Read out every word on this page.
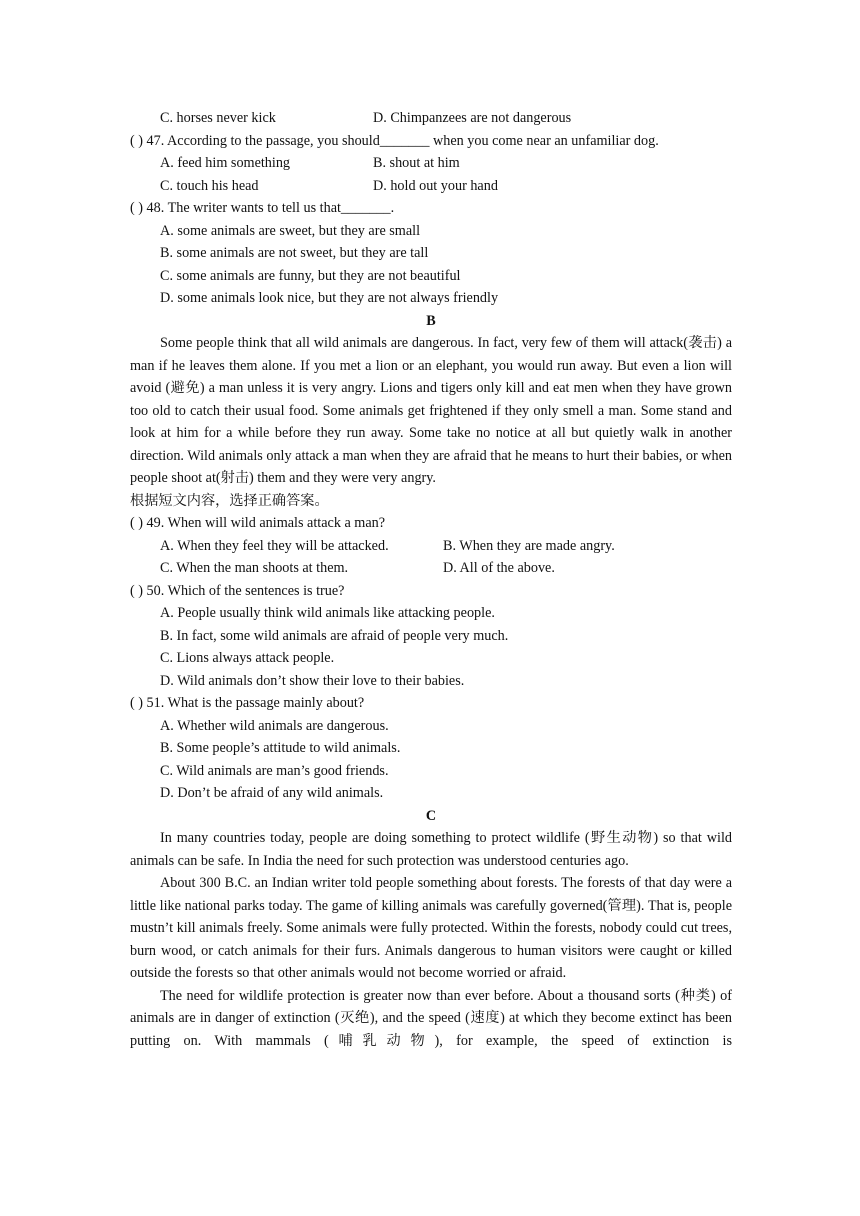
C. horses never kick	D. Chimpanzees are not dangerous
( ) 47. According to the passage, you should_______ when you come near an unfamiliar dog.
A. feed him something	B. shout at him
C. touch his head	D. hold out your hand
( ) 48. The writer wants to tell us that_______.
A. some animals are sweet, but they are small
B. some animals are not sweet, but they are tall
C. some animals are funny, but they are not beautiful
D. some animals look nice, but they are not always friendly
B
Some people think that all wild animals are dangerous. In fact, very few of them will attack(袭击) a man if he leaves them alone. If you met a lion or an elephant, you would run away. But even a lion will avoid (避免) a man unless it is very angry. Lions and tigers only kill and eat men when they have grown too old to catch their usual food. Some animals get frightened if they only smell a man. Some stand and look at him for a while before they run away. Some take no notice at all but quietly walk in another direction. Wild animals only attack a man when they are afraid that he means to hurt their babies, or when people shoot at(射击) them and they were very angry.
根据短文内容，选择正确答案。
( ) 49. When will wild animals attack a man?
A. When they feel they will be attacked.	B. When they are made angry.
C. When the man shoots at them.	D. All of the above.
( ) 50. Which of the sentences is true?
A. People usually think wild animals like attacking people.
B. In fact, some wild animals are afraid of people very much.
C. Lions always attack people.
D. Wild animals don’t show their love to their babies.
( ) 51. What is the passage mainly about?
A. Whether wild animals are dangerous.
B. Some people’s attitude to wild animals.
C. Wild animals are man’s good friends.
D. Don’t be afraid of any wild animals.
C
In many countries today, people are doing something to protect wildlife (野生动物) so that wild animals can be safe. In India the need for such protection was understood centuries ago.
About 300 B.C. an Indian writer told people something about forests. The forests of that day were a little like national parks today. The game of killing animals was carefully governed(管理). That is, people mustn’t kill animals freely. Some animals were fully protected. Within the forests, nobody could cut trees, burn wood, or catch animals for their furs. Animals dangerous to human visitors were caught or killed outside the forests so that other animals would not become worried or afraid.
The need for wildlife protection is greater now than ever before. About a thousand sorts (种类) of animals are in danger of extinction (灭绝), and the speed (速度) at which they become extinct has been putting on. With mammals (哺乳动物), for example, the speed of extinction is
